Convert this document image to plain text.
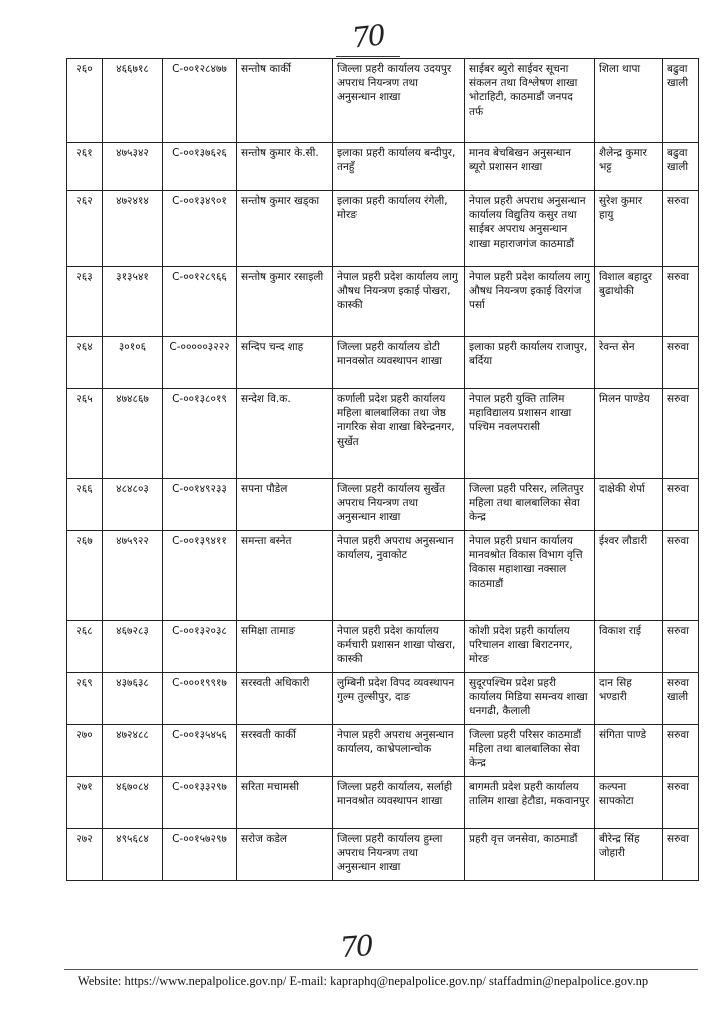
70
२६०	४६६७१८	C-००१२८४७७	सन्तोष कार्की	जिल्ला प्रहरी कार्यालय उदयपुर अपराध नियन्त्रण तथा अनुसन्धान शाखा	साईबर ब्युरो साईवर सूचना संकलन तथा विश्लेषण शाखा भोटाहिटी, काठमाडौं जनपद तर्फ	शिला थापा	बढुवा खाली
२६१	४७५३४२	C-००१३७६२६	सन्तोष कुमार के.सी.	इलाका प्रहरी कार्यालय बन्दीपुर, तनहुँ	मानव बेचबिखन अनुसन्धान ब्यूरो प्रशासन शाखा	शैलेन्द्र कुमार भट्ट	बढुवा खाली
२६२	४७२४१४	C-००१३४९०१	सन्तोष कुमार खड्का	इलाका प्रहरी कार्यालय रंगेली, मोरङ	नेपाल प्रहरी अपराध अनुसन्धान कार्यालय विद्युतिय कसुर तथा साईबर अपराध अनुसन्धान शाखा महाराजगंज काठमाडौं	सुरेश कुमार हायु	सरुवा
२६३	३१३५४१	C-००१२८९६६	सन्तोष कुमार रसाइली	नेपाल प्रहरी प्रदेश कार्यालय लागु औषध नियन्त्रण इकाई पोखरा, कास्की	नेपाल प्रहरी प्रदेश कार्यालय लागु औषध नियन्त्रण इकाई विरगंज पर्सा	विशाल बहादुर बुढाथोकी	सरुवा
२६४	३०१०६	C-०००००३२२२	सन्दिप चन्द शाह	जिल्ला प्रहरी कार्यालय डोटी मानवस्रोत व्यवस्थापन शाखा	इलाका प्रहरी कार्यालय राजापुर, बर्दिया	रेवन्त सेन	सरुवा
२६५	४७४८६७	C-००१३८०१९	सन्देश वि.क.	कर्णाली प्रदेश प्रहरी कार्यालय महिला बालबालिका तथा जेष्ठ नागरिक सेवा शाखा बिरेन्द्रनगर, सुर्खेत	नेपाल प्रहरी युक्ति तालिम महाविद्यालय प्रशासन शाखा पश्चिम नवलपरासी	मिलन पाण्डेय	सरुवा
२६६	४८४८०३	C-००१४९२३३	सपना पौडेल	जिल्ला प्रहरी कार्यालय सुर्खेत अपराध नियन्त्रण तथा अनुसन्धान शाखा	जिल्ला प्रहरी परिसर, ललितपुर महिला तथा बालबालिका सेवा केन्द्र	दाक्षेकी शेर्पा	सरुवा
२६७	४७५९२२	C-००१३९४११	समन्ता बस्नेत	नेपाल प्रहरी अपराध अनुसन्धान कार्यालय, नुवाकोट	नेपाल प्रहरी प्रधान कार्यालय मानवश्रोत विकास विभाग वृत्ति विकास महाशाखा नक्साल काठमाडौं	ईश्वर लौडारी	सरुवा
२६८	४६७२८३	C-००१३२०३८	समिक्षा तामाङ	नेपाल प्रहरी प्रदेश कार्यालय कर्मचारी प्रशासन शाखा पोखरा, कास्की	कोशी प्रदेश प्रहरी कार्यालय परिचालन शाखा बिराटनगर, मोरङ	विकाश राई	सरुवा
२६९	४३७६३८	C-०००१९९१७	सरस्वती अधिकारी	लुम्बिनी प्रदेश विपद व्यवस्थापन गुल्म तुल्सीपुर, दाङ	सुदूरपश्चिम प्रदेश प्रहरी कार्यालय मिडिया समन्वय शाखा धनगढी, कैलाली	दान सिह भण्डारी	सरुवा खाली
२७०	४७२४८८	C-००१३५४५६	सरस्वती कार्की	नेपाल प्रहरी अपराध अनुसन्धान कार्यालय, काभ्रेपलान्चोक	जिल्ला प्रहरी परिसर काठमाडौं महिला तथा बालबालिका सेवा केन्द्र	संगिता पाण्डे	सरुवा
२७१	४६७०८४	C-००१३३२९७	सरिता मचामसी	जिल्ला प्रहरी कार्यालय, सर्लाही मानवश्रोत व्यवस्थापन शाखा	बागमती प्रदेश प्रहरी कार्यालय तालिम शाखा हेटौडा, मकवानपुर	कल्पना सापकोटा	सरुवा
२७२	४९५६८४	C-००१५७२९७	सरोज कडेल	जिल्ला प्रहरी कार्यालय हुम्ला अपराध नियन्त्रण तथा अनुसन्धान शाखा	प्रहरी वृत्त जनसेवा, काठमाडौं	बीरेन्द्र सिंह जोहारी	सरुवा
70
Website: https://www.nepalpolice.gov.np/ E-mail: kapraphq@nepalpolice.gov.np/ staffadmin@nepalpolice.gov.np
